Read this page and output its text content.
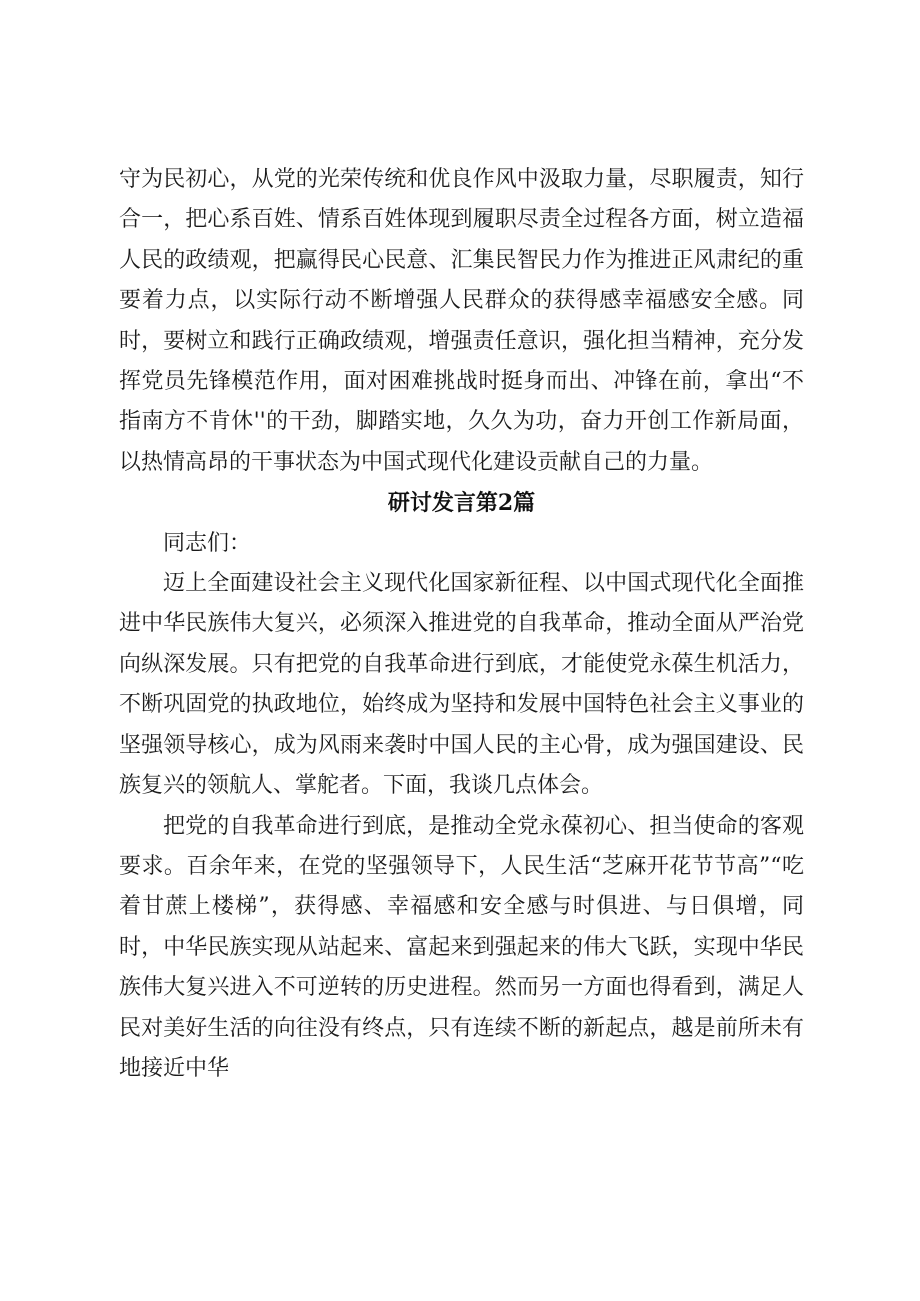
守为民初心，从党的光荣传统和优良作风中汲取力量，尽职履责，知行合一，把心系百姓、情系百姓体现到履职尽责全过程各方面，树立造福人民的政绩观，把赢得民心民意、汇集民智民力作为推进正风肃纪的重要着力点，以实际行动不断增强人民群众的获得感幸福感安全感。同时，要树立和践行正确政绩观，增强责任意识，强化担当精神，充分发挥党员先锋模范作用，面对困难挑战时挺身而出、冲锋在前，拿出“不指南方不肯休''的干劲，脚踏实地，久久为功，奋力开创工作新局面，以热情高昂的干事状态为中国式现代化建设贡献自己的力量。

研讨发言第2篇

同志们：

迈上全面建设社会主义现代化国家新征程、以中国式现代化全面推进中华民族伟大复兴，必须深入推进党的自我革命，推动全面从严治党向纵深发展。只有把党的自我革命进行到底，才能使党永葆生机活力，不断巩固党的执政地位，始终成为坚持和发展中国特色社会主义事业的坚强领导核心，成为风雨来袭时中国人民的主心骨，成为强国建设、民族复兴的领航人、掌舵者。下面，我谈几点体会。

把党的自我革命进行到底，是推动全党永葆初心、担当使命的客观要求。百余年来，在党的坚强领导下，人民生活“芝麻开花节节高”“吃着甘蔗上楼梯”，获得感、幸福感和安全感与时俱进、与日俱增，同时，中华民族实现从站起来、富起来到强起来的伟大飞跃，实现中华民族伟大复兴进入不可逆转的历史进程。然而另一方面也得看到，满足人民对美好生活的向往没有终点，只有连续不断的新起点，越是前所未有地接近中华
